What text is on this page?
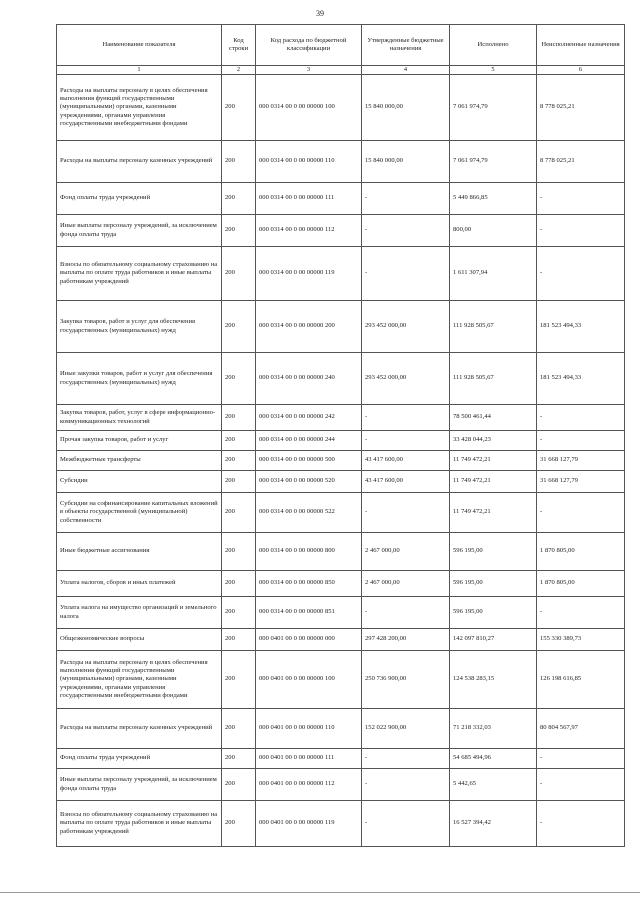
39
Наименование показателя	Код строки	Код расхода по бюджетной классификации	Утвержденные бюджетные назначения	Исполнено	Неисполненные назначения
1	2	3	4	5	6
Расходы на выплаты персоналу в целях обеспечения выполнения функций государственными (муниципальными) органами, казенными учреждениями, органами управления государственными внебюджетными фондами	200	000 0314 00 0 00 00000 100	15 840 000,00	7 061 974,79	8 778 025,21
Расходы на выплаты персоналу казенных учреждений	200	000 0314 00 0 00 00000 110	15 840 000,00	7 061 974,79	8 778 025,21
Фонд оплаты труда учреждений	200	000 0314 00 0 00 00000 111	-	5 449 866,85	-
Иные выплаты персоналу учреждений, за исключением фонда оплаты труда	200	000 0314 00 0 00 00000 112	-	800,00	-
Взносы по обязательному социальному страхованию на выплаты по оплате труда работников и иные выплаты работникам учреждений	200	000 0314 00 0 00 00000 119	-	1 611 307,94	-
Закупка товаров, работ и услуг для обеспечения государственных (муниципальных) нужд	200	000 0314 00 0 00 00000 200	293 452 000,00	111 928 505,67	181 523 494,33
Иные закупки товаров, работ и услуг для обеспечения государственных (муниципальных) нужд	200	000 0314 00 0 00 00000 240	293 452 000,00	111 928 505,67	181 523 494,33
Закупка товаров, работ, услуг в сфере информационно-коммуникационных технологий	200	000 0314 00 0 00 00000 242	-	78 500 461,44	-
Прочая закупка товаров, работ и услуг	200	000 0314 00 0 00 00000 244	-	33 428 044,23	-
Межбюджетные трансферты	200	000 0314 00 0 00 00000 500	43 417 600,00	11 749 472,21	31 668 127,79
Субсидии	200	000 0314 00 0 00 00000 520	43 417 600,00	11 749 472,21	31 668 127,79
Субсидии на софинансирование капитальных вложений в объекты государственной (муниципальной) собственности	200	000 0314 00 0 00 00000 522	-	11 749 472,21	-
Иные бюджетные ассигнования	200	000 0314 00 0 00 00000 800	2 467 000,00	596 195,00	1 870 805,00
Уплата налогов, сборов и иных платежей	200	000 0314 00 0 00 00000 850	2 467 000,00	596 195,00	1 870 805,00
Уплата налога на имущество организаций и земельного налога	200	000 0314 00 0 00 00000 851	-	596 195,00	-
Общеэкономические вопросы	200	000 0401 00 0 00 00000 000	297 428 200,00	142 097 810,27	155 330 389,73
Расходы на выплаты персоналу в целях обеспечения выполнения функций государственными (муниципальными) органами, казенными учреждениями, органами управления государственными внебюджетными фондами	200	000 0401 00 0 00 00000 100	250 736 900,00	124 538 283,15	126 198 616,85
Расходы на выплаты персоналу казенных учреждений	200	000 0401 00 0 00 00000 110	152 022 900,00	71 218 332,03	80 804 567,97
Фонд оплаты труда учреждений	200	000 0401 00 0 00 00000 111	-	54 685 494,96	-
Иные выплаты персоналу учреждений, за исключением фонда оплаты труда	200	000 0401 00 0 00 00000 112	-	5 442,65	-
Взносы по обязательному социальному страхованию на выплаты по оплате труда работников и иные выплаты работникам учреждений	200	000 0401 00 0 00 00000 119	-	16 527 394,42	-
